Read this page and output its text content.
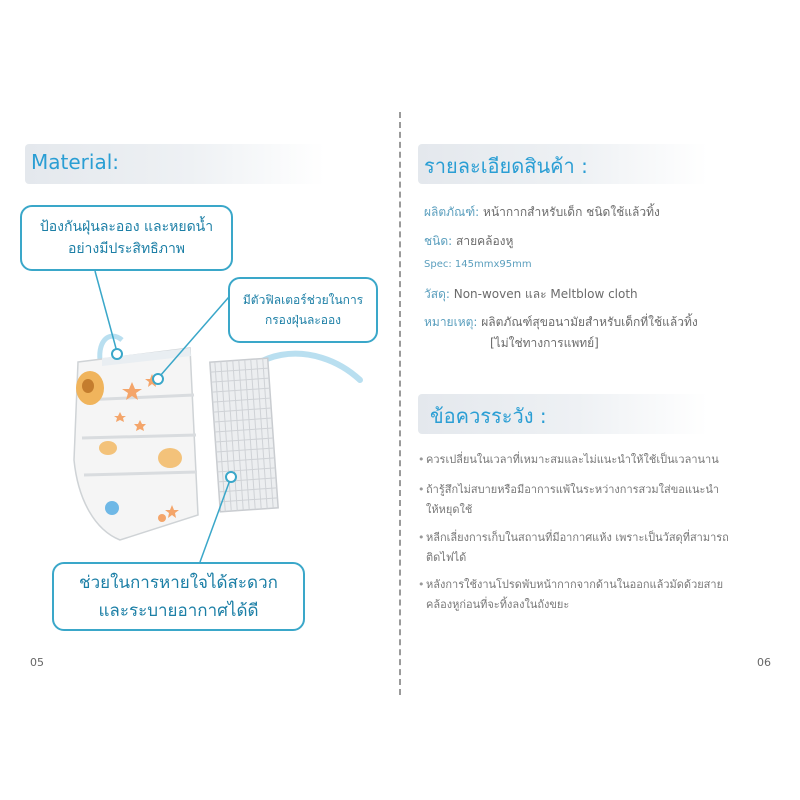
Material:
ป้องกันฝุ่นละออง และหยดน้ำ
อย่างมีประสิทธิภาพ
มีตัวฟิลเตอร์ช่วยในการ
กรองฝุ่นละออง
ช่วยในการหายใจได้สะดวก
และระบายอากาศได้ดี
05
รายละเอียดสินค้า :
ผลิตภัณฑ์: หน้ากากสำหรับเด็ก ชนิดใช้แล้วทิ้ง
ชนิด: สายคล้องหู
Spec: 145mmx95mm
วัสดุ: Non-woven และ Meltblow cloth
หมายเหตุ: ผลิตภัณฑ์สุขอนามัยสำหรับเด็กที่ใช้แล้วทิ้ง
[ไม่ใช่ทางการแพทย์]
ข้อควรระวัง :
• ควรเปลี่ยนในเวลาที่เหมาะสมและไม่แนะนำให้ใช้เป็นเวลานาน
• ถ้ารู้สึกไม่สบายหรือมีอาการแพ้ในระหว่างการสวมใส่ขอแนะนำ
ให้หยุดใช้
• หลีกเลี่ยงการเก็บในสถานที่มีอากาศแห้ง เพราะเป็นวัสดุที่สามารถ
ติดไฟได้
• หลังการใช้งานโปรดพับหน้ากากจากด้านในออกแล้วมัดด้วยสาย
คล้องหูก่อนที่จะทิ้งลงในถังขยะ
06
